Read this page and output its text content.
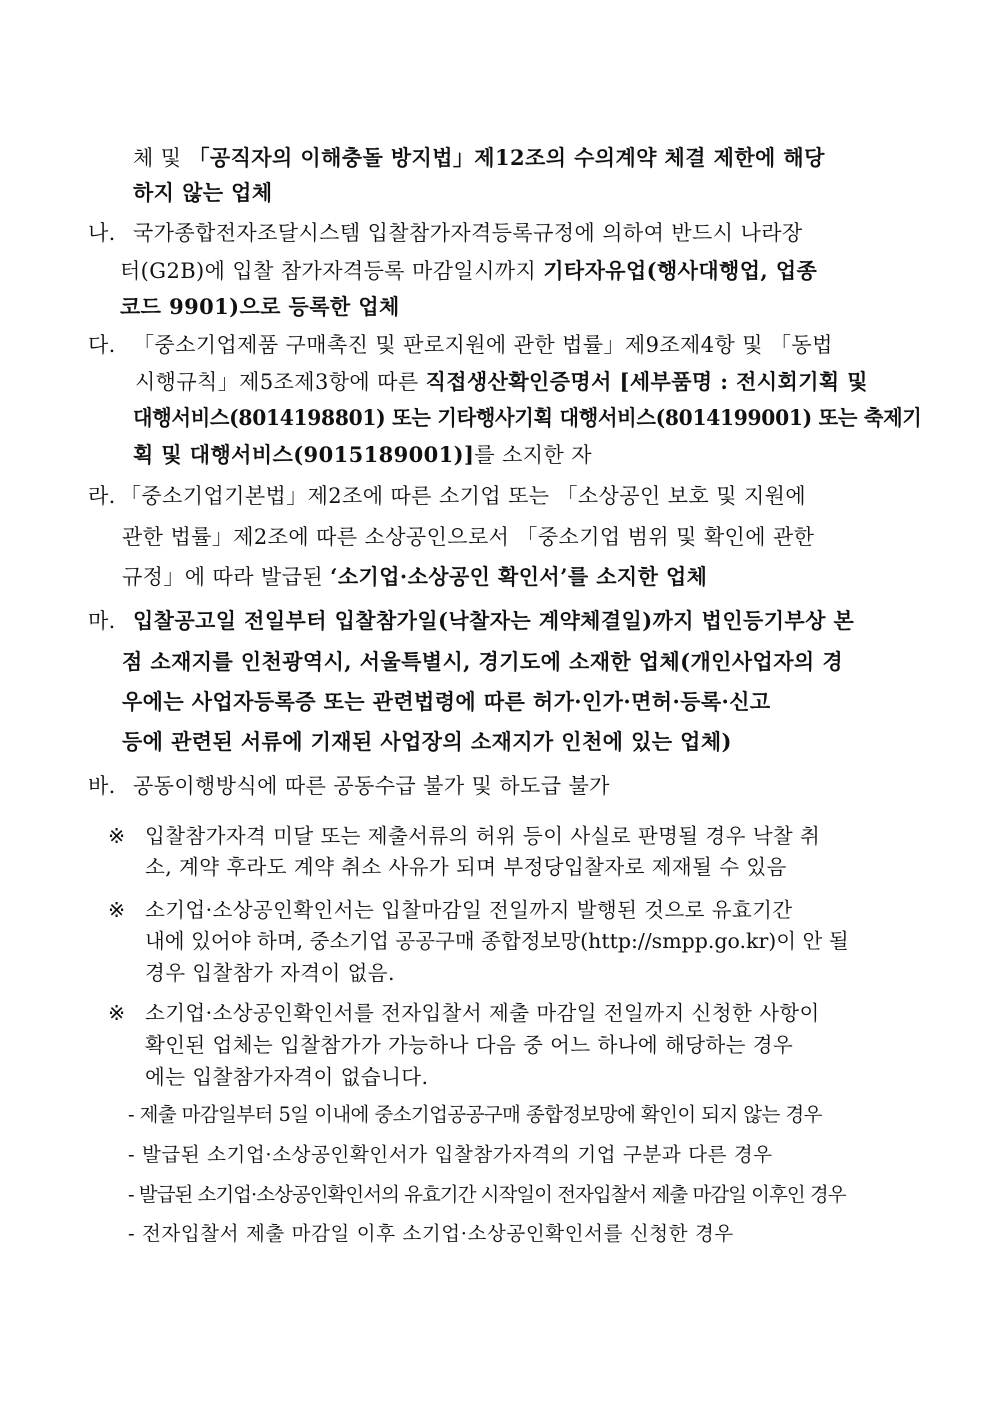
체 및 「공직자의 이해충돌 방지법」제12조의 수의계약 체결 제한에 해당
하지 않는 업체
나. 국가종합전자조달시스템 입찰참가자격등록규정에 의하여 반드시 나라장
터(G2B)에 입찰 참가자격등록 마감일시까지 기타자유업(행사대행업, 업종
코드 9901)으로 등록한 업체
다. 「중소기업제품 구매촉진 및 판로지원에 관한 법률」제9조제4항 및 「동법
시행규칙」제5조제3항에 따른 직접생산확인증명서 [세부품명 : 전시회기획 및
대행서비스(8014198801) 또는 기타행사기획 대행서비스(8014199001) 또는 축제기
획 및 대행서비스(9015189001)]를 소지한 자
라. 「중소기업기본법」제2조에 따른 소기업 또는 「소상공인 보호 및 지원에
관한 법률」제2조에 따른 소상공인으로서 「중소기업 범위 및 확인에 관한
규정」에 따라 발급된 ‘소기업·소상공인 확인서’를 소지한 업체
마. 입찰공고일 전일부터 입찰참가일(낙찰자는 계약체결일)까지 법인등기부상 본
점 소재지를 인천광역시, 서울특별시, 경기도에 소재한 업체(개인사업자의 경
우에는 사업자등록증 또는 관련법령에 따른 허가·인가·면허·등록·신고
등에 관련된 서류에 기재된 사업장의 소재지가 인천에 있는 업체)
바. 공동이행방식에 따른 공동수급 불가 및 하도급 불가
※ 입찰참가자격 미달 또는 제출서류의 허위 등이 사실로 판명될 경우 낙찰 취
소, 계약 후라도 계약 취소 사유가 되며 부정당입찰자로 제재될 수 있음
※ 소기업·소상공인확인서는 입찰마감일 전일까지 발행된 것으로 유효기간
내에 있어야 하며, 중소기업 공공구매 종합정보망(http://smpp.go.kr)이 안 될
경우 입찰참가 자격이 없음.
※ 소기업·소상공인확인서를 전자입찰서 제출 마감일 전일까지 신청한 사항이
확인된 업체는 입찰참가가 가능하나 다음 중 어느 하나에 해당하는 경우
에는 입찰참가자격이 없습니다.
- 제출 마감일부터 5일 이내에 중소기업공공구매 종합정보망에 확인이 되지 않는 경우
- 발급된 소기업·소상공인확인서가 입찰참가자격의 기업 구분과 다른 경우
- 발급된 소기업·소상공인확인서의 유효기간 시작일이 전자입찰서 제출 마감일 이후인 경우
- 전자입찰서 제출 마감일 이후 소기업·소상공인확인서를 신청한 경우
